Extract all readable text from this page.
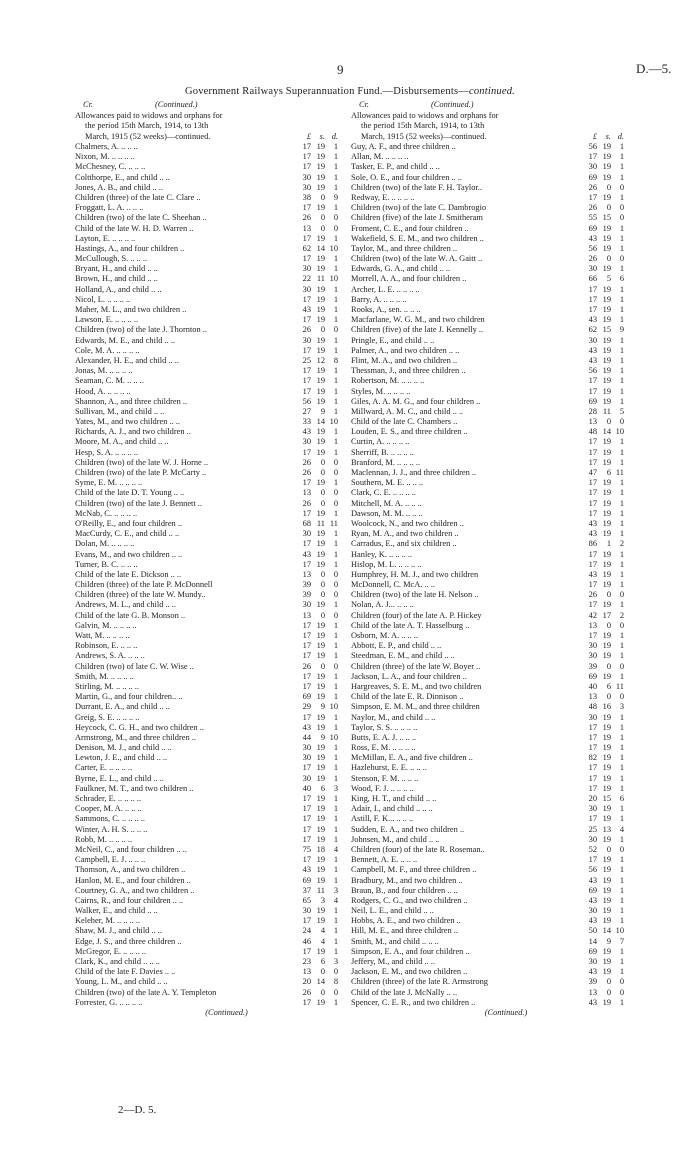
9	D.—5.
Government Railways Superannuation Fund.—Disbursements—continued.
Cr.	(Continued.)
Allowances paid to widows and orphans for
the period 15th March, 1914, to 13th
March, 1915 (52 weeks)—continued.	£	s. d.
Chalmers, A. .. .. ..	17 19	1
Nixon, M. .. .. .. ..	17 19	1
McChesney, C. .. .. ..	17 19	1
Coltthorpe, E., and child .. ..	30 19	1
Jones, A. B., and child .. ..	30 19	1
Children (three) of the late C. Clare ..	38	0	9
Froggatt, L. A. .. .. ..	17 19	1
Children (two) of the late C. Sheehan ..	26	0	0
Child of the late W. H. D. Warren ..	13	0	0
Layton, E. .. .. .. ..	17 19	1
Hastings, A., and four children ..	62 14 10
McCullough, S. .. .. ..	17 19	1
Bryant, H., and child .. ..	30 19	1
Brown, H., and child .. ..	22 11 10
Holland, A., and child .. ..	30 19	1
Nicol, L. .. .. .. ..	17 19	1
Maher, M. L., and two children ..	43 19	1
Lawson, E. .. .. .. ..	17 19	1
Children (two) of the late J. Thornton ..	26	0	0
Edwards, M. E., and child .. ..	30 19	1
Cole, M. A. .. .. .. ..	17 19	1
Alexander, H. E., and child .. ..	25 12	8
Jonas, M. .. .. .. ..	17 19	1
Seaman, C. M. .. .. ..	17 19	1
Hood, A. .. .. .. ..	17 19	1
Shannon, A., and three children ..	56 19	1
Sullivan, M., and child .. ..	27	9	1
Yates, M., and two children .. ..	33 14 10
Richards, A. J., and two children ..	43 19	1
Moore, M. A., and child .. ..	30 19	1
Hesp, S. A. .. .. .. ..	17 19	1
Children (two) of the late W. J. Horne ..	26	0	0
Children (two) of the late P. McCarty ..	26	0	0
Syme, E. M. .. .. .. ..	17 19	1
Child of the late D. T. Young .. ..	13	0	0
Children (two) of the late J. Bennett ..	26	0	0
McNab, C. .. .. .. ..	17 19	1
O'Reilly, E., and four children ..	68 11 11
MacCurdy, C. E., and child .. ..	30 19	1
Dolan, M. .. .. .. ..	17 19	1
Evans, M., and two children .. ..	43 19	1
Turner, B. C. .. .. ..	17 19	1
Child of the late E. Dickson .. ..	13	0	0
Children (three) of the late P. McDonnell	39	0	0
Children (three) of the late W. Mundy..	39	0	0
Andrews, M. L., and child .. ..	30 19	1
Child of the late G. B. Monson ..	13	0	0
Galvin, M. .. .. .. ..	17 19	1
Watt, M. .. .. .. ..	17 19	1
Robinson, E. .. .. ..	17 19	1
Andrews, S. A. .. .. ..	17 19	1
Children (two) of late C. W. Wise ..	26	0	0
Smith, M. .. .. .. ..	17 19	1
Stirling, M. .. .. .. ..	17 19	1
Martin, G., and four children.. ..	69 19	1
Durrant, E. A., and child .. ..	29	9 10
Greig, S. E. .. .. .. ..	17 19	1
Heycock, C. G. H., and two children ..	43 19	1
Armstrong, M., and three children ..	44	9 10
Denison, M. J., and child .. ..	30 19	1
Lewton, J. E., and child .. ..	30 19	1
Carter, E. .. .. .. ..	17 19	1
Byrne, E. L., and child .. ..	30 19	1
Faulkner, M. T., and two children ..	40	6	3
Schrader, E. .. .. .. ..	17 19	1
Cooper, M. A. .. .. ..	17 19	1
Sammons, C. .. .. .. ..	17 19	1
Winter, A. H. S. .. .. ..	17 19	1
Robb, M. .. .. .. ..	17 19	1
McNeil, C., and four children .. ..	75 18	4
Campbell, E. J. .. .. ..	17 19	1
Thomson, A., and two children ..	43 19	1
Hanlon, M. E., and four children ..	69 19	1
Courtney, G. A., and two children ..	37 11	3
Cairns, R., and four children .. ..	65	3	4
Walker, E., and child .. ..	30 19	1
Keleher, M. .. .. .. ..	17 19	1
Shaw, M. J., and child .. ..	24	4	1
Edge, J. S., and three children ..	46	4	1
McGregor, E. .. .. .. ..	17 19	1
Clark, K., and child .. .. ..	23	6	3
Child of the late F. Davies .. ..	13	0	0
Young, L. M., and child .. ..	20 14	8
Children (two) of the late A. Y. Templeton	26	0	0
Forrester, G. .. .. .. ..	17 19	1
(Continued.)
Cr.	(Continued.)
Allowances paid to widows and orphans for
the period 15th March, 1914, to 13th
March, 1915 (52 weeks)—continued.	£	s. d.
Guy, A. F., and three children ..	56 19	1
Allan, M. .. .. .. ..	17 19	1
Tasker, E. P., and child .. ..	30 19	1
Sole, O. E., and four children .. ..	69 19	1
Children (two) of the late F. H. Taylor..	26	0	0
Redway, E. .. .. .. ..	17 19	1
Children (two) of the late C. Dambrogio	26	0	0
Children (five) of the late J. Smitheram	55 15	0
Froment, C. E., and four children ..	69 19	1
Wakefield, S. E. M., and two children ..	43 19	1
Taylor, M., and three children ..	56 19	1
Children (two) of the late W. A. Gaitt ..	26	0	0
Edwards, G. A., and child .. ..	30 19	1
Morrell, A. A., and four children ..	66	5	6
Archer, L. E. .. .. .. ..	17 19	1
Barry, A. .. .. .. ..	17 19	1
Rooks, A., sen. .. .. ..	17 19	1
Macfarlane, W. G. M., and two children	43 19	1
Children (five) of the late J. Kennelly ..	62 15	9
Pringle, E., and child .. ..	30 19	1
Palmer, A., and two children .. ..	43 19	1
Flint, M. A., and two children ..	43 19	1
Thessman, J., and three children ..	56 19	1
Robertson, M. .. .. .. ..	17 19	1
Styles, M. .. .. .. ..	17 19	1
Giles, A. A. M. G., and four children ..	69 19	1
Millward, A. M. C., and child .. ..	28 11	5
Child of the late C. Chambers ..	13	0	0
Louden, E. S., and three children ..	48 14 10
Curtin, A. .. .. .. ..	17 19	1
Sherriff, B. .. .. .. ..	17 19	1
Branford, M. .. .. .. ..	17 19	1
Maclennan, J. J., and three children ..	47	6 11
Southern, M. E. .. .. ..	17 19	1
Clark, C. E. .. .. .. ..	17 19	1
Mitchell, M. A. .. .. ..	17 19	1
Dawson, M. M. .. .. ..	17 19	1
Woolcock, N., and two children ..	43 19	1
Ryan, M. A., and two children ..	43 19	1
Carradus, E., and six children ..	86	1	2
Hanley, K. .. .. .. ..	17 19	1
Hislop, M. L. .. .. .. ..	17 19	1
Humphrey, H. M. J., and two children	43 19	1
McDonnell, C. McA. .. ..	17 19	1
Children (two) of the late H. Nelson ..	26	0	0
Nolan, A. J... .. .. ..	17 19	1
Children (four) of the late A. P. Hickey	42 17	2
Child of the late A. T. Hasselburg ..	13	0	0
Osborn, M. A. .. .. ..	17 19	1
Abbott, E. P., and child .. ..	30 19	1
Steedman, E. M., and child .. ..	30 19	1
Children (three) of the late W. Boyer ..	39	0	0
Jackson, L. A., and four children ..	69 19	1
Hargreaves, S. E. M., and two children	40	6 11
Child of the late E. R. Dinnison ..	13	0	0
Simpson, E. M. M., and three children	48 16	3
Naylor, M., and child .. ..	30 19	1
Taylor, S. S. .. .. .. ..	17 19	1
Butts, E. A. J. .. .. ..	17 19	1
Ross, E. M. .. .. .. ..	17 19	1
McMillan, E. A., and five children ..	82 19	1
Hazlehurst, E. E. .. .. ..	17 19	1
Stenson, F. M. .. .. ..	17 19	1
Wood, F. J. .. .. .. ..	17 19	1
King, H. T., and child .. ..	20 15	6
Adair, I., and child .. .. ..	30 19	1
Astill, F. K... .. .. ..	17 19	1
Sudden, E. A., and two children ..	25 13	4
Johnsen, M., and child .. ..	30 19	1
Children (four) of the late R. Roseman..	52	0	0
Bennett, A. E. .. .. ..	17 19	1
Campbell, M. F., and three children ..	56 19	1
Bradbury, M., and two children ..	43 19	1
Braun, B., and four children .. ..	69 19	1
Rodgers, C. G., and two children ..	43 19	1
Neil, L. E., and child .. ..	30 19	1
Hobbs, A. E., and two children ..	43 19	1
Hill, M. E., and three children ..	50 14 10
Smith, M., and child .. .. ..	14	9	7
Simpson, E. A., and four children ..	69 19	1
Jeffery, M., and child .. ..	30 19	1
Jackson, E. M., and two children ..	43 19	1
Children (three) of the late R. Armstrong	39	0	0
Child of the late J. McNally .. ..	13	0	0
Spencer, C. E. R., and two children ..	43 19	1
(Continued.)
2—D. 5.
